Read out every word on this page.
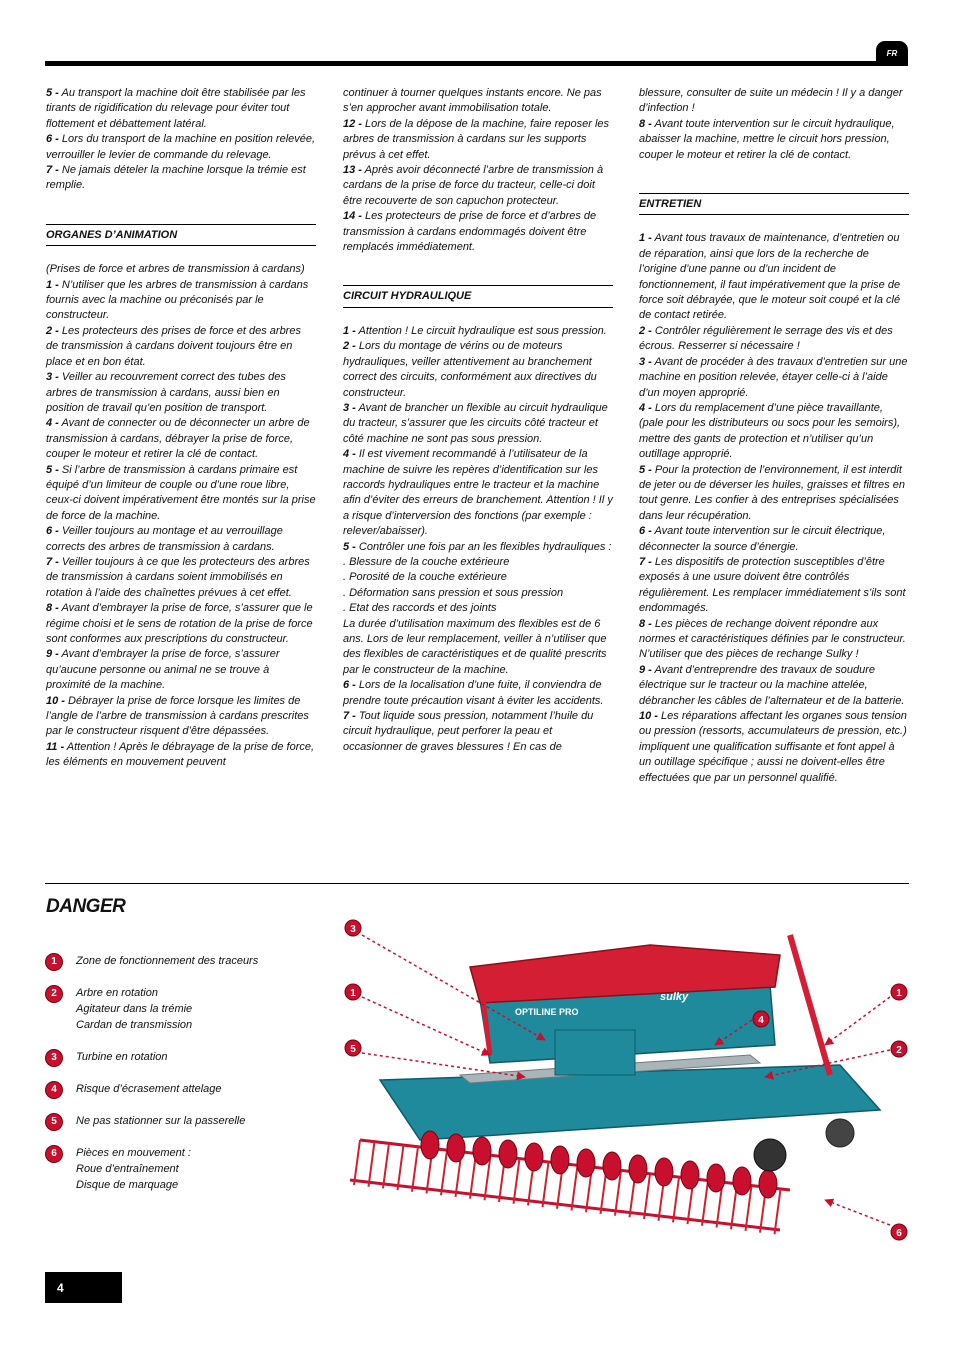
FR

5 - Au transport la machine doit être stabilisée par les tirants de rigidification du relevage pour éviter tout flottement et débattement latéral.

6 - Lors du transport de la machine en position relevée, verrouiller le levier de commande du relevage.

7 - Ne jamais dételer la machine lorsque la trémie est remplie.

ORGANES D’ANIMATION

(Prises de force et arbres de transmission à cardans)

1 - N’utiliser que les arbres de transmission à cardans fournis avec la machine ou préconisés par le constructeur.

2 - Les protecteurs des prises de force et des arbres de transmission à cardans doivent toujours être en place et en bon état.

3 - Veiller au recouvrement correct des tubes des arbres de transmission à cardans, aussi bien en position de travail qu’en position de transport.

4 - Avant de connecter ou de déconnecter un arbre de transmission à cardans, débrayer la prise de force, couper le moteur et retirer la clé de contact.

5 - Si l’arbre de transmission à cardans primaire est équipé d’un limiteur de couple ou d’une roue libre, ceux-ci doivent impérativement être montés sur la prise de force de la machine.

6 - Veiller toujours au montage et au verrouillage corrects des arbres de transmission à cardans.

7 - Veiller toujours à ce que les protecteurs des arbres de transmission à cardans soient immobilisés en rotation à l’aide des chaînettes prévues à cet effet.

8 - Avant d’embrayer la prise de force, s’assurer que le régime choisi et le sens de rotation de la prise de force sont conformes aux prescriptions du constructeur.

9 - Avant d’embrayer la prise de force, s’assurer qu’aucune personne ou animal ne se trouve à proximité de la machine.

10 - Débrayer la prise de force lorsque les limites de l’angle de l’arbre de transmission à cardans prescrites par le constructeur risquent d’être dépassées.

11 - Attention ! Après le débrayage de la prise de force, les éléments en mouvement peuvent

continuer à tourner quelques instants encore. Ne pas s’en approcher avant immobilisation totale.

12 - Lors de la dépose de la machine, faire reposer les arbres de transmission à cardans sur les supports prévus à cet effet.

13 - Après avoir déconnecté l’arbre de transmission à cardans de la prise de force du tracteur, celle-ci doit être recouverte de son capuchon protecteur.

14 - Les protecteurs de prise de force et d’arbres de transmission à cardans endommagés doivent être remplacés immédiatement.

CIRCUIT HYDRAULIQUE

1 - Attention ! Le circuit hydraulique est sous pression.

2 - Lors du montage de vérins ou de moteurs hydrauliques, veiller attentivement au branchement correct des circuits, conformément aux directives du constructeur.

3 - Avant de brancher un flexible au circuit hydraulique du tracteur, s’assurer que les circuits côté tracteur et côté machine ne sont pas sous pression.

4 - Il est vivement recommandé à l’utilisateur de la machine de suivre les repères d’identification sur les raccords hydrauliques entre le tracteur et la machine afin d’éviter des erreurs de branchement. Attention ! Il y a risque d’interversion des fonctions (par exemple : relever/abaisser).

5 - Contrôler une fois par an les flexibles hydrauliques :

. Blessure de la couche extérieure

. Porosité de la couche extérieure

. Déformation sans pression et sous pression

. Etat des raccords et des joints

La durée d’utilisation maximum des flexibles est de 6 ans. Lors de leur remplacement, veiller à n’utiliser que des flexibles de caractéristiques et de qualité prescrits par le constructeur de la machine.

6 - Lors de la localisation d’une fuite, il conviendra de prendre toute précaution visant à éviter les accidents.

7 - Tout liquide sous pression, notamment l’huile du circuit hydraulique, peut perforer la peau et occasionner de graves blessures ! En cas de

blessure, consulter de suite un médecin ! Il y a danger d’infection !

8 - Avant toute intervention sur le circuit hydraulique, abaisser la machine, mettre le circuit hors pression, couper le moteur et retirer la clé de contact.

ENTRETIEN

1 - Avant tous travaux de maintenance, d’entretien ou de réparation, ainsi que lors de la recherche de l’origine d’une panne ou d’un incident de fonctionnement, il faut impérativement que la prise de force soit débrayée, que le moteur soit coupé et la clé de contact retirée.

2 - Contrôler régulièrement le serrage des vis et des écrous. Resserrer si nécessaire !

3 - Avant de procéder à des travaux d’entretien sur une machine en position relevée, étayer celle-ci à l’aide d’un moyen approprié.

4 - Lors du remplacement d’une pièce travaillante, (pale pour les distributeurs ou socs pour les semoirs), mettre des gants de protection et n’utiliser qu’un outillage approprié.

5 - Pour la protection de l’environnement, il est interdit de jeter ou de déverser les huiles, graisses et filtres en tout genre. Les confier à des entreprises spécialisées dans leur récupération.

6 - Avant toute intervention sur le circuit électrique, déconnecter la source d’énergie.

7 - Les dispositifs de protection susceptibles d’être exposés à une usure doivent être contrôlés régulièrement. Les remplacer immédiatement s’ils sont endommagés.

8 - Les pièces de rechange doivent répondre aux normes et caractéristiques définies par le constructeur. N’utiliser que des pièces de rechange Sulky !

9 - Avant d’entreprendre des travaux de soudure électrique sur le tracteur ou la machine attelée, débrancher les câbles de l’alternateur et de la batterie.

10 - Les réparations affectant les organes sous tension ou pression (ressorts, accumulateurs de pression, etc.) impliquent une qualification suffisante et font appel à un outillage spécifique ; aussi ne doivent-elles être effectuées que par un personnel qualifié.

DANGER
1	Zone de fonctionnement des traceurs
2	Arbre en rotation
Agitateur dans la trémie
Cardan de transmission
3	Turbine en rotation
4	Risque d’écrasement attelage
5	Ne pas stationner sur la passerelle
6	Pièces en mouvement :
Roue d’entraînement
Disque de marquage
OPTILINE PRO
sulky
3
1
5
4
1
2
6
4
